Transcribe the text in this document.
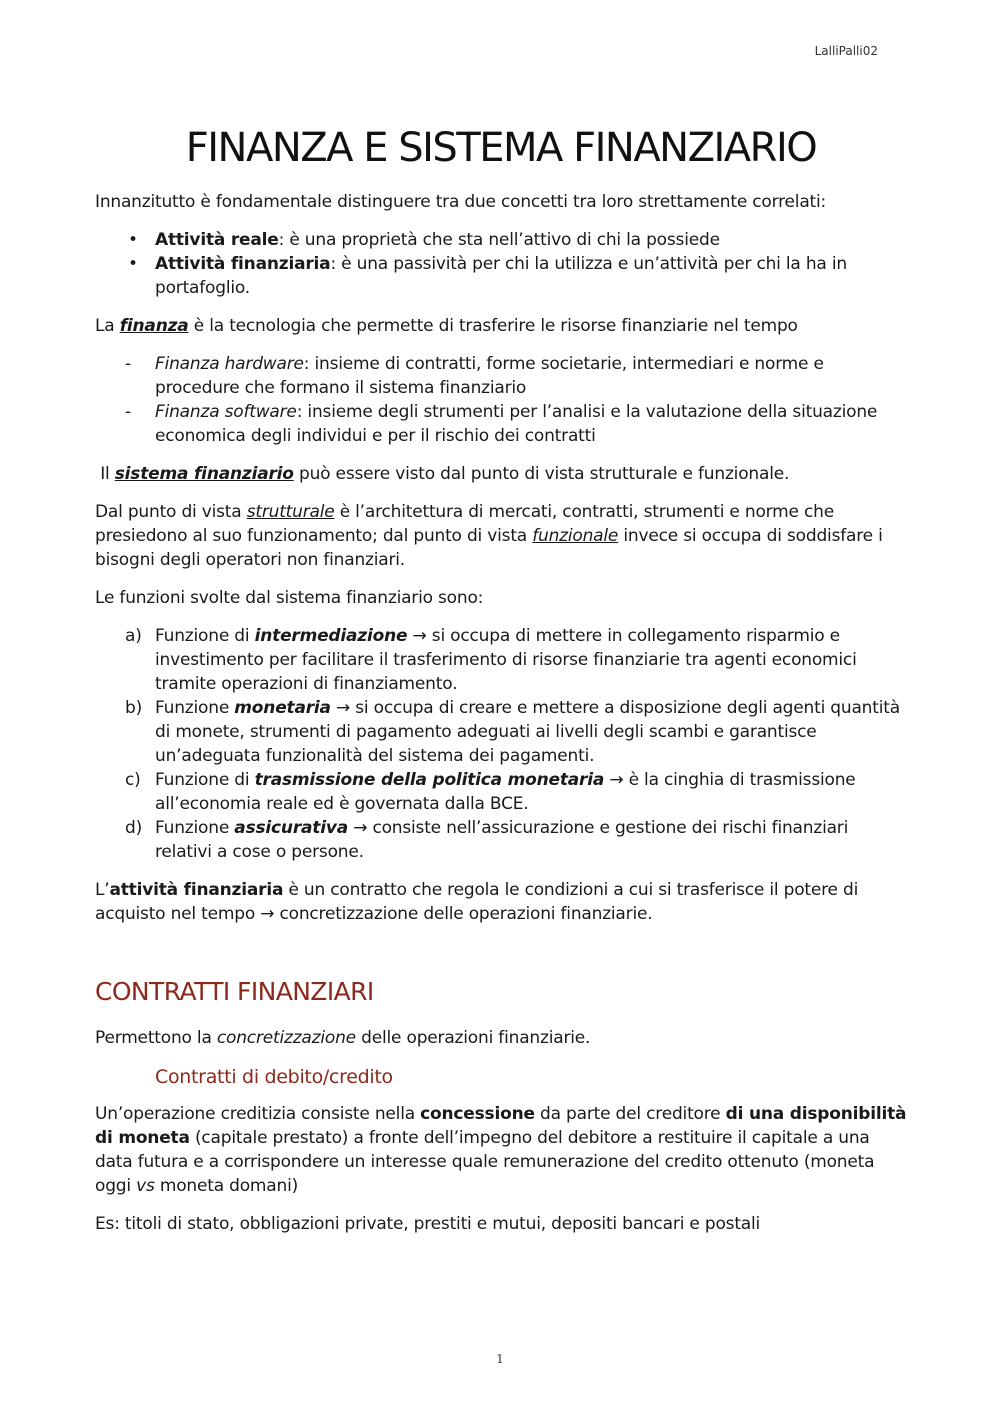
LalliPalli02
FINANZA E SISTEMA FINANZIARIO

Innanzitutto è fondamentale distinguere tra due concetti tra loro strettamente correlati:

• Attività reale: è una proprietà che sta nell’attivo di chi la possiede
• Attività finanziaria: è una passività per chi la utilizza e un’attività per chi la ha in portafoglio.

La finanza è la tecnologia che permette di trasferire le risorse finanziarie nel tempo

- Finanza hardware: insieme di contratti, forme societarie, intermediari e norme e procedure che formano il sistema finanziario
- Finanza software: insieme degli strumenti per l’analisi e la valutazione della situazione economica degli individui e per il rischio dei contratti

Il sistema finanziario può essere visto dal punto di vista strutturale e funzionale.

Dal punto di vista strutturale è l’architettura di mercati, contratti, strumenti e norme che presiedono al suo funzionamento; dal punto di vista funzionale invece si occupa di soddisfare i bisogni degli operatori non finanziari.

Le funzioni svolte dal sistema finanziario sono:

a) Funzione di intermediazione → si occupa di mettere in collegamento risparmio e investimento per facilitare il trasferimento di risorse finanziarie tra agenti economici tramite operazioni di finanziamento.
b) Funzione monetaria → si occupa di creare e mettere a disposizione degli agenti quantità di monete, strumenti di pagamento adeguati ai livelli degli scambi e garantisce un’adeguata funzionalità del sistema dei pagamenti.
c) Funzione di trasmissione della politica monetaria → è la cinghia di trasmissione all’economia reale ed è governata dalla BCE.
d) Funzione assicurativa → consiste nell’assicurazione e gestione dei rischi finanziari relativi a cose o persone.

L’attività finanziaria è un contratto che regola le condizioni a cui si trasferisce il potere di acquisto nel tempo → concretizzazione delle operazioni finanziarie.

CONTRATTI FINANZIARI

Permettono la concretizzazione delle operazioni finanziarie.

Contratti di debito/credito

Un’operazione creditizia consiste nella concessione da parte del creditore di una disponibilità di moneta (capitale prestato) a fronte dell’impegno del debitore a restituire il capitale a una data futura e a corrispondere un interesse quale remunerazione del credito ottenuto (moneta oggi vs moneta domani)

Es: titoli di stato, obbligazioni private, prestiti e mutui, depositi bancari e postali

1
